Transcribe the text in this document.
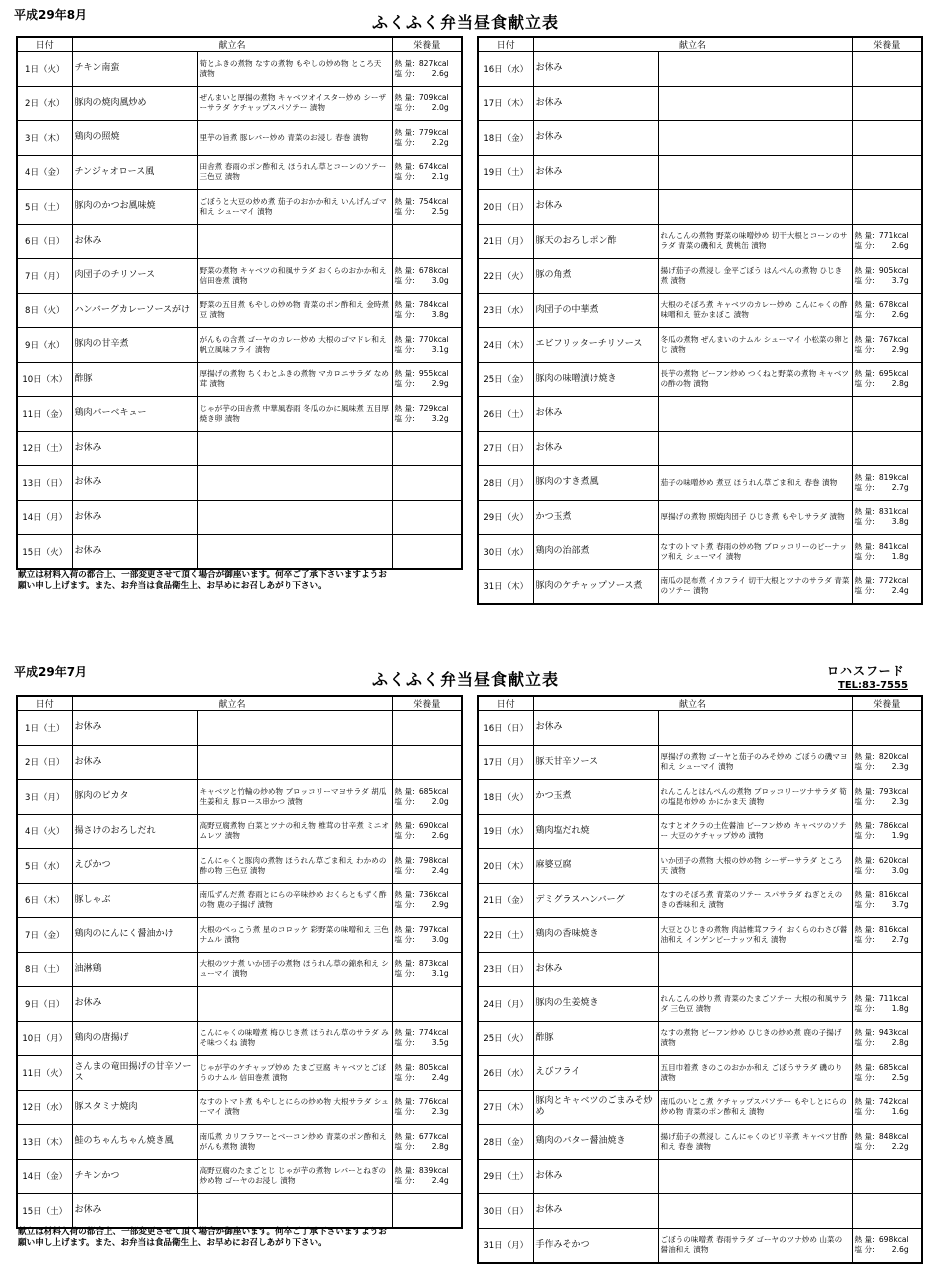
平成29年8月	ふくふく弁当昼食献立表
日付	献立名		栄養量
1日（火）	チキン南蛮	筍とふきの煮物 なすの煮物 もやしの炒め物 ところ天 漬物	熱 量: 827kcal
塩 分: 2.6g

2日（水）	豚肉の焼肉風炒め	ぜんまいと厚揚の煮物 キャベツオイスター炒め シーザーサラダ ケチャップスパソテー 漬物	熱 量: 709kcal
塩 分: 2.0g

3日（木）	鶏肉の照焼	里芋の旨煮 豚レバー炒め 青菜のお浸し 春巻 漬物	熱 量: 779kcal
塩 分: 2.2g

4日（金）	チンジャオロース風	田舎煮 春雨のポン酢和え ほうれん草とコーンのソテー 三色豆 漬物	熱 量: 674kcal
塩 分: 2.1g

5日（土）	豚肉のかつお風味焼	ごぼうと大豆の炒め煮 茄子のおかか和え いんげんゴマ和え シューマイ 漬物	熱 量: 754kcal
塩 分: 2.5g

6日（日）	お休み		
7日（月）	肉団子のチリソース	野菜の煮物 キャベツの和風サラダ おくらのおかか和え 信田巻煮 漬物	熱 量: 678kcal
塩 分: 3.0g

8日（火）	ハンバーグカレーソースがけ	野菜の五目煮 もやしの炒め物 青菜のポン酢和え 金時煮豆 漬物	熱 量: 784kcal
塩 分: 3.8g

9日（水）	豚肉の甘辛煮	がんもの含煮 ゴーヤのカレー炒め 大根のゴマドレ和え 帆立風味フライ 漬物	熱 量: 770kcal
塩 分: 3.1g

10日（木）	酢豚	厚揚げの煮物 ちくわとふきの煮物 マカロニサラダ なめ茸 漬物	熱 量: 955kcal
塩 分: 2.9g

11日（金）	鶏肉バーベキュー	じゃが芋の田舎煮 中華風春雨 冬瓜のかに風味煮 五目厚焼き卵 漬物	熱 量: 729kcal
塩 分: 3.2g

12日（土）	お休み		
13日（日）	お休み		
14日（月）	お休み		
15日（火）	お休み		
日付	献立名		栄養量
16日（水）	お休み		
17日（木）	お休み		
18日（金）	お休み		
19日（土）	お休み		
20日（日）	お休み		
21日（月）	豚天のおろしポン酢	れんこんの煮物 野菜の味噌炒め 切干大根とコーンのサラダ 青菜の磯和え 黄桃缶 漬物	熱 量: 771kcal
塩 分: 2.6g

22日（火）	豚の角煮	揚げ茄子の煮浸し 金平ごぼう はんぺんの煮物 ひじき煮 漬物	熱 量: 905kcal
塩 分: 3.7g

23日（水）	肉団子の中華煮	大根のそぼろ煮 キャベツのカレー炒め こんにゃくの酢味噌和え 笹かまぼこ 漬物	熱 量: 678kcal
塩 分: 2.6g

24日（木）	エビフリッターチリソース	冬瓜の煮物 ぜんまいのナムル シューマイ 小松菜の卵とじ 漬物	熱 量: 767kcal
塩 分: 2.9g

25日（金）	豚肉の味噌漬け焼き	長芋の煮物 ビーフン炒め つくねと野菜の煮物 キャベツの酢の物 漬物	熱 量: 695kcal
塩 分: 2.8g

26日（土）	お休み		
27日（日）	お休み		
28日（月）	豚肉のすき煮風	茄子の味噌炒め 煮豆 ほうれん草ごま和え 春巻 漬物	熱 量: 819kcal
塩 分: 2.7g

29日（火）	かつ玉煮	厚揚げの煮物 照焼肉団子 ひじき煮 もやしサラダ 漬物	熱 量: 831kcal
塩 分: 3.8g

30日（水）	鶏肉の治部煮	なすのトマト煮 春雨の炒め物 ブロッコリーのピーナッツ和え シューマイ 漬物	熱 量: 841kcal
塩 分: 1.8g

31日（木）	豚肉のケチャップソース煮	南瓜の昆布煮 イカフライ 切干大根とツナのサラダ 青菜のソテー 漬物	熱 量: 772kcal
塩 分: 2.4g
献立は材料入荷の都合上、一部変更させて頂く場合が御座います。何卒ご了承下さいますようお
願い申し上げます。また、お弁当は食品衛生上、お早めにお召しあがり下さい。
平成29年7月	ふくふく弁当昼食献立表	ロハスフード
TEL:83-7555
日付	献立名		栄養量
1日（土）	お休み		
2日（日）	お休み		
3日（月）	豚肉のピカタ	キャベツと竹輪の炒め物 ブロッコリーマヨサラダ 胡瓜生姜和え 豚ロース串かつ 漬物	熱 量: 685kcal
塩 分: 2.0g

4日（火）	揚さけのおろしだれ	高野豆腐煮物 白菜とツナの和え物 椎茸の甘辛煮 ミニオムレツ 漬物	熱 量: 690kcal
塩 分: 2.6g

5日（水）	えびかつ	こんにゃくと豚肉の煮物 ほうれん草ごま和え わかめの酢の物 三色豆 漬物	熱 量: 798kcal
塩 分: 2.4g

6日（木）	豚しゃぶ	南瓜ずんだ煮 春雨とにらの辛味炒め おくらともずく酢の物 鹿の子揚げ 漬物	熱 量: 736kcal
塩 分: 2.9g

7日（金）	鶏肉のにんにく醤油かけ	大根のべっこう煮 星のコロッケ 彩野菜の味噌和え 三色ナムル 漬物	熱 量: 797kcal
塩 分: 3.0g

8日（土）	油淋鶏	大根のツナ煮 いか団子の煮物 ほうれん草の錦糸和え シューマイ 漬物	熱 量: 873kcal
塩 分: 3.1g

9日（日）	お休み		
10日（月）	鶏肉の唐揚げ	こんにゃくの味噌煮 梅ひじき煮 ほうれん草のサラダ みそ味つくね 漬物	熱 量: 774kcal
塩 分: 3.5g

11日（火）	さんまの竜田揚げの甘辛ソース	じゃが芋のケチャップ炒め たまご豆腐 キャベツとごぼうのナムル 信田巻煮 漬物	熱 量: 805kcal
塩 分: 2.4g

12日（水）	豚スタミナ焼肉	なすのトマト煮 もやしとにらの炒め物 大根サラダ シューマイ 漬物	熱 量: 776kcal
塩 分: 2.3g

13日（木）	鮭のちゃんちゃん焼き風	南瓜煮 カリフラワーとベーコン炒め 青菜のポン酢和え がんも煮物 漬物	熱 量: 677kcal
塩 分: 2.8g

14日（金）	チキンかつ	高野豆腐のたまごとじ じゃが芋の煮物 レバーとねぎの炒め物 ゴーヤのお浸し 漬物	熱 量: 839kcal
塩 分: 2.4g

15日（土）	お休み		
日付	献立名		栄養量
16日（日）	お休み		
17日（月）	豚天甘辛ソース	厚揚げの煮物 ゴーヤと茄子のみそ炒め ごぼうの磯マヨ和え シューマイ 漬物	熱 量: 820kcal
塩 分: 2.3g

18日（火）	かつ玉煮	れんこんとはんぺんの煮物 ブロッコリーツナサラダ 筍の塩昆布炒め かにかま天 漬物	熱 量: 793kcal
塩 分: 2.3g

19日（水）	鶏肉塩だれ焼	なすとオクラの土佐醤油 ビーフン炒め キャベツのソテー 大豆のケチャップ炒め 漬物	熱 量: 786kcal
塩 分: 1.9g

20日（木）	麻婆豆腐	いか団子の煮物 大根の炒め物 シーザーサラダ ところ天 漬物	熱 量: 620kcal
塩 分: 3.0g

21日（金）	デミグラスハンバーグ	なすのそぼろ煮 青菜のソテー スパサラダ ねぎとえのきの香味和え 漬物	熱 量: 816kcal
塩 分: 3.7g

22日（土）	鶏肉の香味焼き	大豆とひじきの煮物 肉詰椎茸フライ おくらのわさび醤油和え インゲンピーナッツ和え 漬物	熱 量: 816kcal
塩 分: 2.7g

23日（日）	お休み		
24日（月）	豚肉の生姜焼き	れんこんの炒り煮 青菜のたまごソテー 大根の和風サラダ 三色豆 漬物	熱 量: 711kcal
塩 分: 1.8g

25日（火）	酢豚	なすの煮物 ビーフン炒め ひじきの炒め煮 鹿の子揚げ 漬物	熱 量: 943kcal
塩 分: 2.8g

26日（水）	えびフライ	五目巾着煮 きのこのおかか和え ごぼうサラダ 磯のり 漬物	熱 量: 685kcal
塩 分: 2.5g

27日（木）	豚肉とキャベツのごまみそ炒め	南瓜のいとこ煮 ケチャップスパソテー もやしとにらの炒め物 青菜のポン酢和え 漬物	熱 量: 742kcal
塩 分: 1.6g

28日（金）	鶏肉のバター醤油焼き	揚げ茄子の煮浸し こんにゃくのピリ辛煮 キャベツ甘酢和え 春巻 漬物	熱 量: 848kcal
塩 分: 2.2g

29日（土）	お休み		
30日（日）	お休み		
31日（月）	手作みそかつ	ごぼうの味噌煮 春雨サラダ ゴーヤのツナ炒め 山菜の醤油和え 漬物	熱 量: 698kcal
塩 分: 2.6g
献立は材料入荷の都合上、一部変更させて頂く場合が御座います。何卒ご了承下さいますようお
願い申し上げます。また、お弁当は食品衛生上、お早めにお召しあがり下さい。
